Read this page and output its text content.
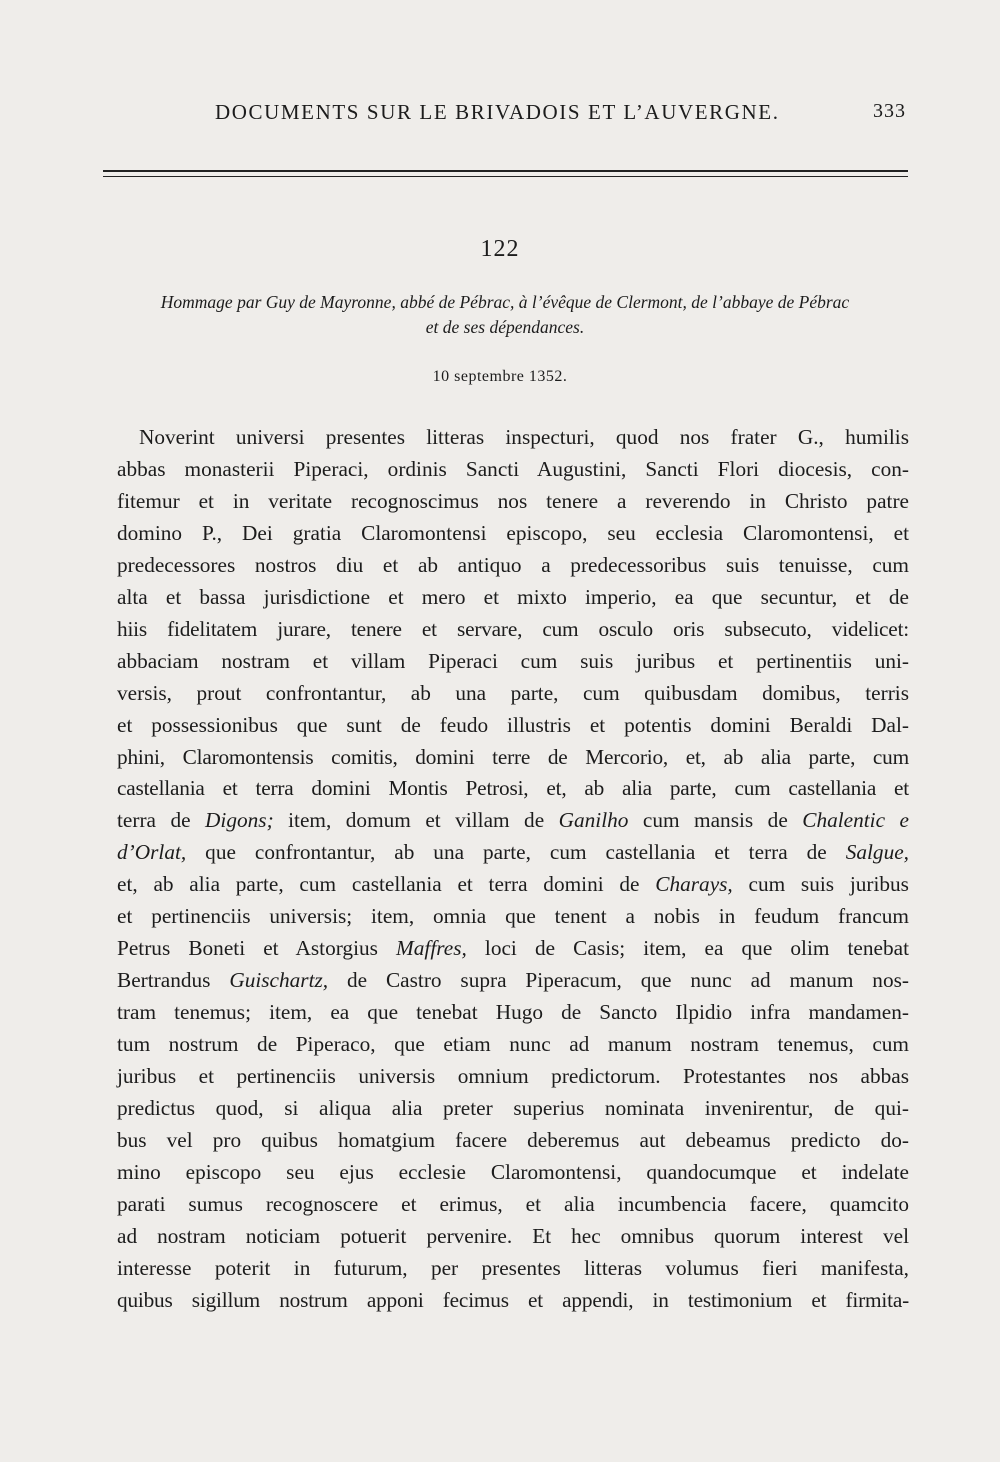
DOCUMENTS SUR LE BRIVADOIS ET L’AUVERGNE.	333
122
Hommage par Guy de Mayronne, abbé de Pébrac, à l’évêque de Clermont, de l’abbaye de Pébrac
et de ses dépendances.
10 septembre 1352.
Noverint universi presentes litteras inspecturi, quod nos frater G., humilis
abbas monasterii Piperaci, ordinis Sancti Augustini, Sancti Flori diocesis, con-
fitemur et in veritate recognoscimus nos tenere a reverendo in Christo patre
domino P., Dei gratia Claromontensi episcopo, seu ecclesia Claromontensi, et
predecessores nostros diu et ab antiquo a predecessoribus suis tenuisse, cum
alta et bassa jurisdictione et mero et mixto imperio, ea que secuntur, et de
hiis fidelitatem jurare, tenere et servare, cum osculo oris subsecuto, videlicet:
abbaciam nostram et villam Piperaci cum suis juribus et pertinentiis uni-
versis, prout confrontantur, ab una parte, cum quibusdam domibus, terris
et possessionibus que sunt de feudo illustris et potentis domini Beraldi Dal-
phini, Claromontensis comitis, domini terre de Mercorio, et, ab alia parte, cum
castellania et terra domini Montis Petrosi, et, ab alia parte, cum castellania et
terra de Digons; item, domum et villam de Ganilho cum mansis de Chalentic e
d’Orlat, que confrontantur, ab una parte, cum castellania et terra de Salgue,
et, ab alia parte, cum castellania et terra domini de Charays, cum suis juribus
et pertinenciis universis; item, omnia que tenent a nobis in feudum francum
Petrus Boneti et Astorgius Maffres, loci de Casis; item, ea que olim tenebat
Bertrandus Guischartz, de Castro supra Piperacum, que nunc ad manum nos-
tram tenemus; item, ea que tenebat Hugo de Sancto Ilpidio infra mandamen-
tum nostrum de Piperaco, que etiam nunc ad manum nostram tenemus, cum
juribus et pertinenciis universis omnium predictorum. Protestantes nos abbas
predictus quod, si aliqua alia preter superius nominata invenirentur, de qui-
bus vel pro quibus homatgium facere deberemus aut debeamus predicto do-
mino episcopo seu ejus ecclesie Claromontensi, quandocumque et indelate
parati sumus recognoscere et erimus, et alia incumbencia facere, quamcito
ad nostram noticiam potuerit pervenire. Et hec omnibus quorum interest vel
interesse poterit in futurum, per presentes litteras volumus fieri manifesta,
quibus sigillum nostrum apponi fecimus et appendi, in testimonium et firmita-
